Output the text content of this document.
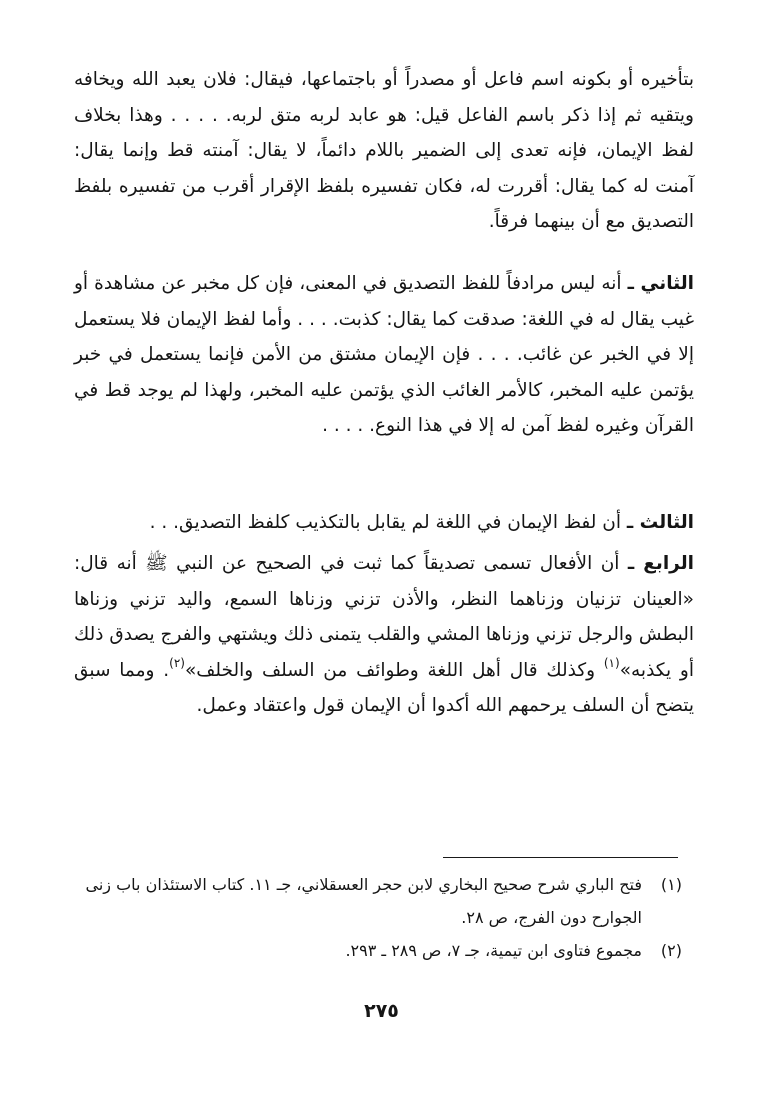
بتأخيره أو بكونه اسم فاعل أو مصدراً أو باجتماعها، فيقال: فلان يعبد الله ويخافه ويتقيه ثم إذا ذكر باسم الفاعل قيل: هو عابد لربه متق لربه. . . . . وهذا بخلاف لفظ الإيمان، فإنه تعدى إلى الضمير باللام دائماً، لا يقال: آمنته قط وإنما يقال: آمنت له كما يقال: أقررت له، فكان تفسيره بلفظ الإقرار أقرب من تفسيره بلفظ التصديق مع أن بينهما فرقاً.
الثاني ـ أنه ليس مرادفاً للفظ التصديق في المعنى، فإن كل مخبر عن مشاهدة أو غيب يقال له في اللغة: صدقت كما يقال: كذبت. . . . وأما لفظ الإيمان فلا يستعمل إلا في الخبر عن غائب. . . . فإن الإيمان مشتق من الأمن فإنما يستعمل في خبر يؤتمن عليه المخبر، كالأمر الغائب الذي يؤتمن عليه المخبر، ولهذا لم يوجد قط في القرآن وغيره لفظ آمن له إلا في هذا النوع. . . . .
الثالث ـ أن لفظ الإيمان في اللغة لم يقابل بالتكذيب كلفظ التصديق. . .
الرابع ـ أن الأفعال تسمى تصديقاً كما ثبت في الصحيح عن النبي ﷺ أنه قال: «العينان تزنيان وزناهما النظر، والأذن تزني وزناها السمع، واليد تزني وزناها البطش والرجل تزني وزناها المشي والقلب يتمنى ذلك ويشتهي والفرج يصدق ذلك أو يكذبه»$^{(١)}$ وكذلك قال أهل اللغة وطوائف من السلف والخلف»$^{(٢)}$. ومما سبق يتضح أن السلف يرحمهم الله أكدوا أن الإيمان قول واعتقاد وعمل.
(١)
فتح الباري شرح صحيح البخاري لابن حجر العسقلاني، جـ ١١. كتاب الاستئذان باب زنى الجوارح دون الفرج، ص ٢٨.
(٢)
مجموع فتاوى ابن تيمية، جـ ٧، ص ٢٨٩ ـ ٢٩٣.
٢٧٥
